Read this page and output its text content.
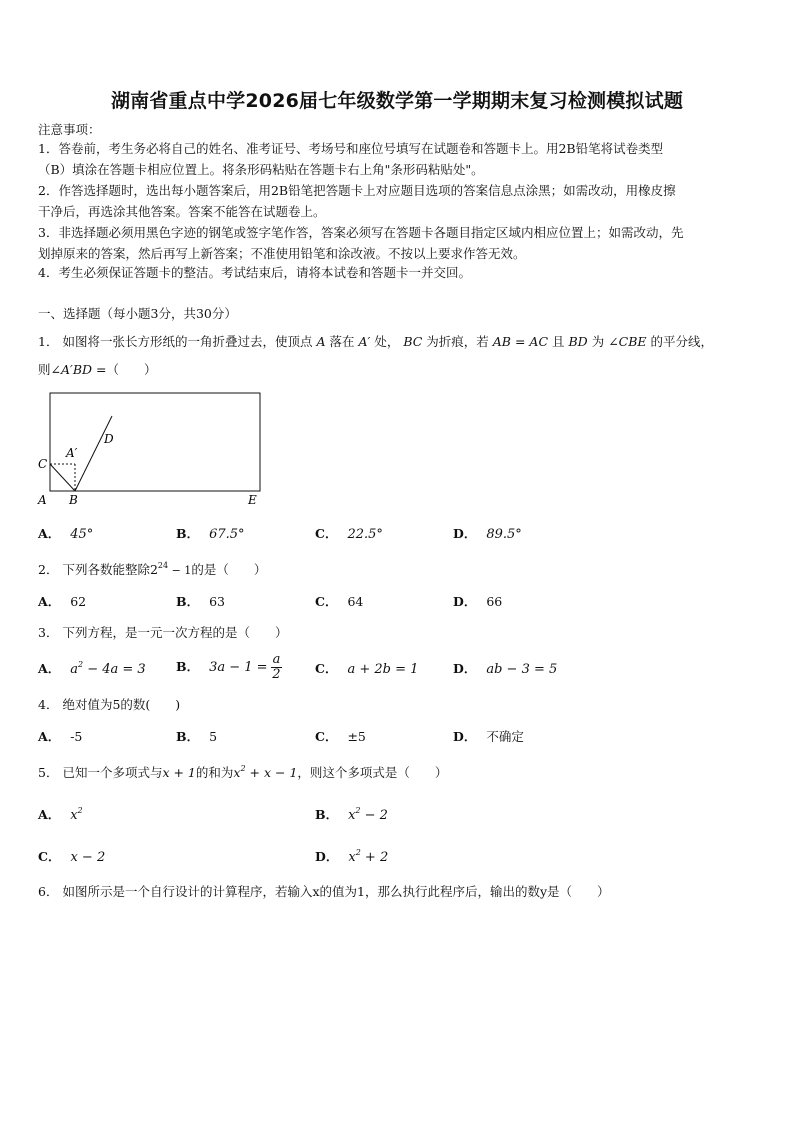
湖南省重点中学2026届七年级数学第一学期期末复习检测模拟试题
注意事项：
1．答卷前，考生务必将自己的姓名、准考证号、考场号和座位号填写在试题卷和答题卡上。用2B铅笔将试卷类型
（B）填涂在答题卡相应位置上。将条形码粘贴在答题卡右上角"条形码粘贴处"。
2．作答选择题时，选出每小题答案后，用2B铅笔把答题卡上对应题目选项的答案信息点涂黑；如需改动，用橡皮擦
干净后，再选涂其他答案。答案不能答在试题卷上。
3．非选择题必须用黑色字迹的钢笔或签字笔作答，答案必须写在答题卡各题目指定区域内相应位置上；如需改动，先
划掉原来的答案，然后再写上新答案；不准使用铅笔和涂改液。不按以上要求作答无效。
4．考生必须保证答题卡的整洁。考试结束后，请将本试卷和答题卡一并交回。
一、选择题（每小题3分，共30分）
1． 如图将一张长方形纸的一角折叠过去，使顶点 A 落在 A′ 处， BC 为折痕，若 AB = AC 且 BD 为 ∠CBE 的平分线，
则∠A′BD =（　　）
C
A′
D
A B	E
A． 45°	B． 67.5°	C． 22.5°	D． 89.5°
2． 下列各数能整除$2^{24} - 1$的是（　　）
A． 62	B． 63	C． 64	D． 66
3． 下列方程，是一元一次方程的是（　　）
A． $a^2 - 4a = 3$ B． $3a - 1 = \frac{a}{2}$	C． a + 2b = 1	D． ab − 3 = 5
4． 绝对值为5的数(　　)
A． -5	B． 5	C． ±5	D． 不确定
5． 已知一个多项式与x + 1的和为$x^2 + x - 1$，则这个多项式是（　　）
A． $x^2$	B． $x^2 - 2$
C． x − 2	D． $x^2 + 2$
6． 如图所示是一个自行设计的计算程序，若输入x的值为1，那么执行此程序后，输出的数y是（　　）
